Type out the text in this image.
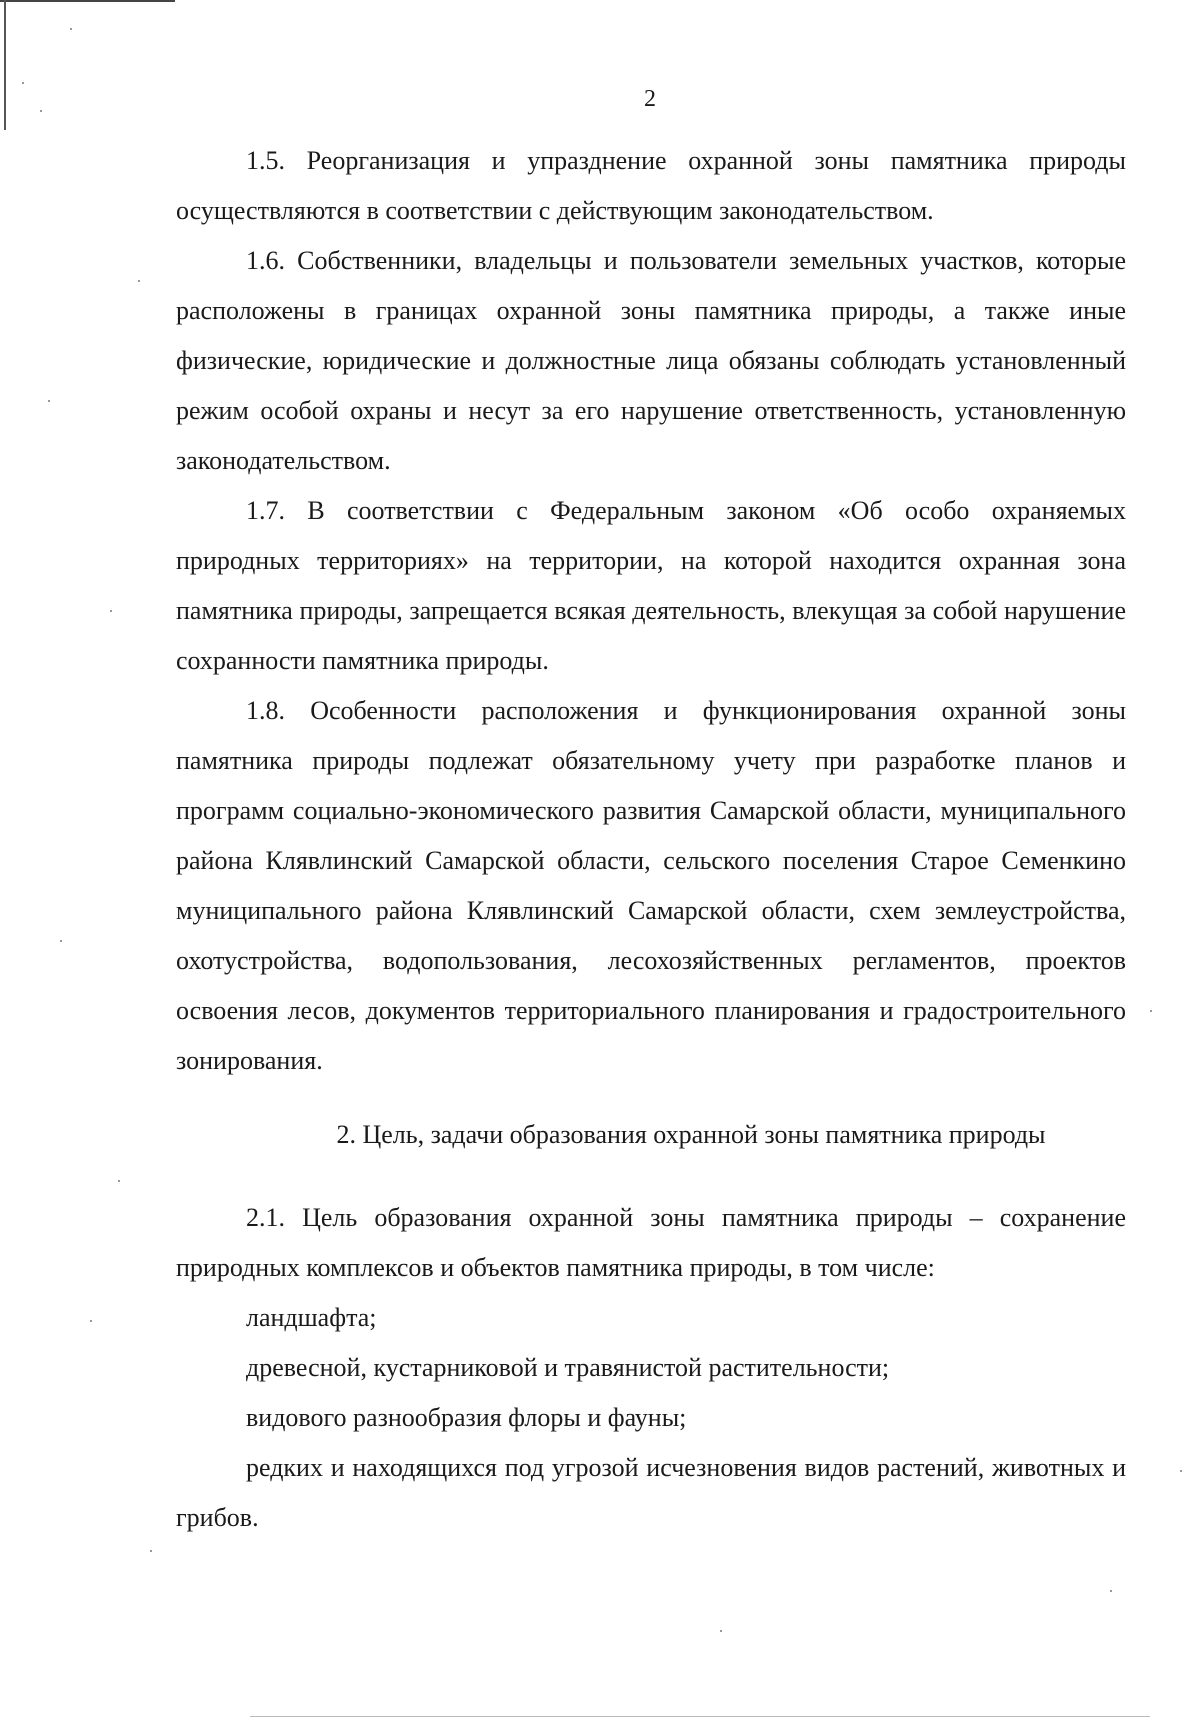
2

1.5. Реорганизация и упразднение охранной зоны памятника природы осуществляются в соответствии с действующим законодательством.

1.6. Собственники, владельцы и пользователи земельных участков, которые расположены в границах охранной зоны памятника природы, а также иные физические, юридические и должностные лица обязаны соблюдать установленный режим особой охраны и несут за его нарушение ответственность, установленную законодательством.

1.7. В соответствии с Федеральным законом «Об особо охраняемых природных территориях» на территории, на которой находится охранная зона памятника природы, запрещается всякая деятельность, влекущая за собой нарушение сохранности памятника природы.

1.8. Особенности расположения и функционирования охранной зоны памятника природы подлежат обязательному учету при разработке планов и программ социально-экономического развития Самарской области, муниципального района Клявлинский Самарской области, сельского поселения Старое Семенкино муниципального района Клявлинский Самарской области, схем землеустройства, охотустройства, водопользования, лесохозяйственных регламентов, проектов освоения лесов, документов территориального планирования и градостроительного зонирования.

2. Цель, задачи образования охранной зоны памятника природы

2.1. Цель образования охранной зоны памятника природы – сохранение природных комплексов и объектов памятника природы, в том числе:

ландшафта;

древесной, кустарниковой и травянистой растительности;

видового разнообразия флоры и фауны;

редких и находящихся под угрозой исчезновения видов растений, животных и грибов.
